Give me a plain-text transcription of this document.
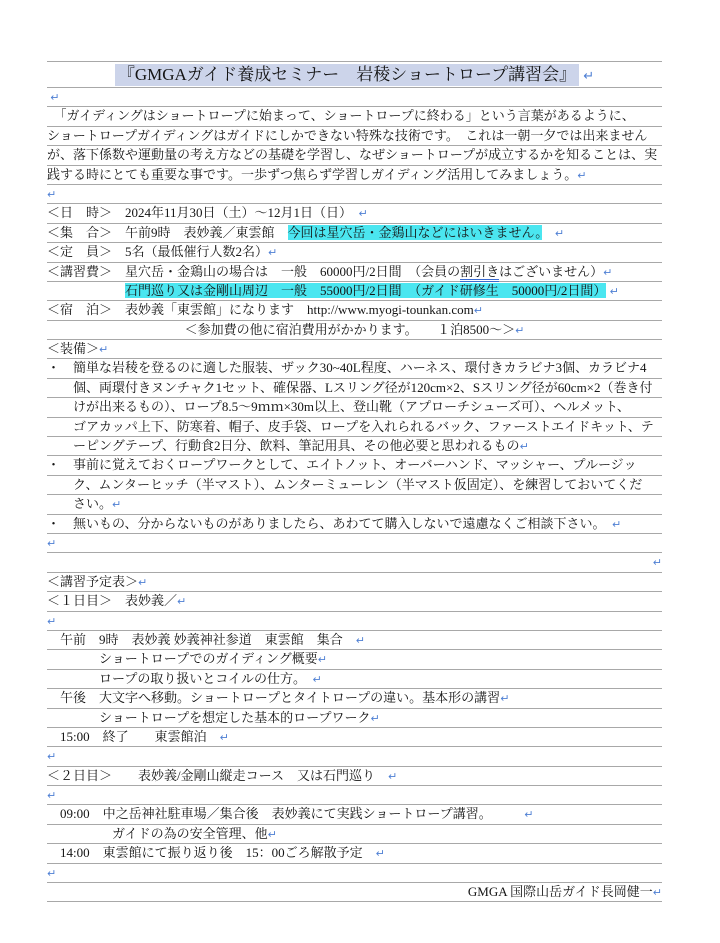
『GMGAガイド養成セミナー　岩稜ショートロープ講習会』 ↵
↵
　「ガイディングはショートロープに始まって、ショートロープに終わる」という言葉があるように、
ショートロープガイディングはガイドにしかできない特殊な技術です。　これは一朝一夕では出来ません
が、落下係数や運動量の考え方などの基礎を学習し、なぜショートロープが成立するかを知ることは、実
践する時にとても重要な事です。一歩ずつ焦らず学習しガイディング活用してみましょう。↵
↵
＜日　時＞　2024年11月30日（土）～12月1日（日）　↵
＜集　合＞　午前9時　表妙義／東雲館　今回は星穴岳・金鶏山などにはいきません。　 ↵
＜定　員＞　5名（最低催行人数2名）↵
＜講習費＞　星穴岳・金鶏山の場合は　一般　60000円/2日間　（会員の割引きはございません）↵
　　　　　　石門巡り又は金剛山周辺　一般　55000円/2日間　（ガイド研修生　50000円/2日間） ↵
＜宿　泊＞　表妙義「東雲館」になります　http://www.myogi-tounkan.com↵
＜参加費の他に宿泊費用がかかります。　　１泊8500～＞↵
＜装備＞↵
・　簡単な岩稜を登るのに適した服装、ザック30~40L程度、ハーネス、環付きカラビナ3個、カラビナ4
　　個、両環付きヌンチャク1セット、確保器、Lスリング径が120cm×2、Sスリング径が60cm×2（巻き付
　　けが出来るもの）、ロープ8.5～9ｍｍ×30m以上、登山靴（アプローチシューズ可）、ヘルメット、
　　ゴアカッパ上下、防寒着、帽子、皮手袋、ロープを入れられるバック、ファーストエイドキット、テ
　　ーピングテープ、行動食2日分、飲料、筆記用具、その他必要と思われるもの↵
・　事前に覚えておくロープワークとして、エイトノット、オーバーハンド、マッシャー、プルージッ
　　ク、ムンターヒッチ（半マスト）、ムンターミューレン（半マスト仮固定）、を練習しておいてくだ
　　さい。↵
・　無いもの、分からないものがありましたら、あわてて購入しないで遠慮なくご相談下さい。　↵
↵
↵
＜講習予定表＞↵
＜１日目＞　表妙義／↵
↵
　午前　9時　表妙義 妙義神社参道　東雲館　集合　↵
　　　　ショートロープでのガイディング概要↵
　　　　ロープの取り扱いとコイルの仕方。　↵
　午後　大文字へ移動。ショートロープとタイトロープの違い。基本形の講習↵
　　　　ショートロープを想定した基本的ロープワーク↵
　15:00　終了　　東雲館泊　↵
↵
＜２日目＞　　表妙義/金剛山縦走コース　又は石門巡り　↵
↵
　09:00　中之岳神社駐車場／集合後　表妙義にて実践ショートロープ講習。　　　↵
　　　　　ガイドの為の安全管理、他↵
　14:00　東雲館にて振り返り後　15：00ごろ解散予定　↵
↵
GMGA 国際山岳ガイド長岡健一↵
